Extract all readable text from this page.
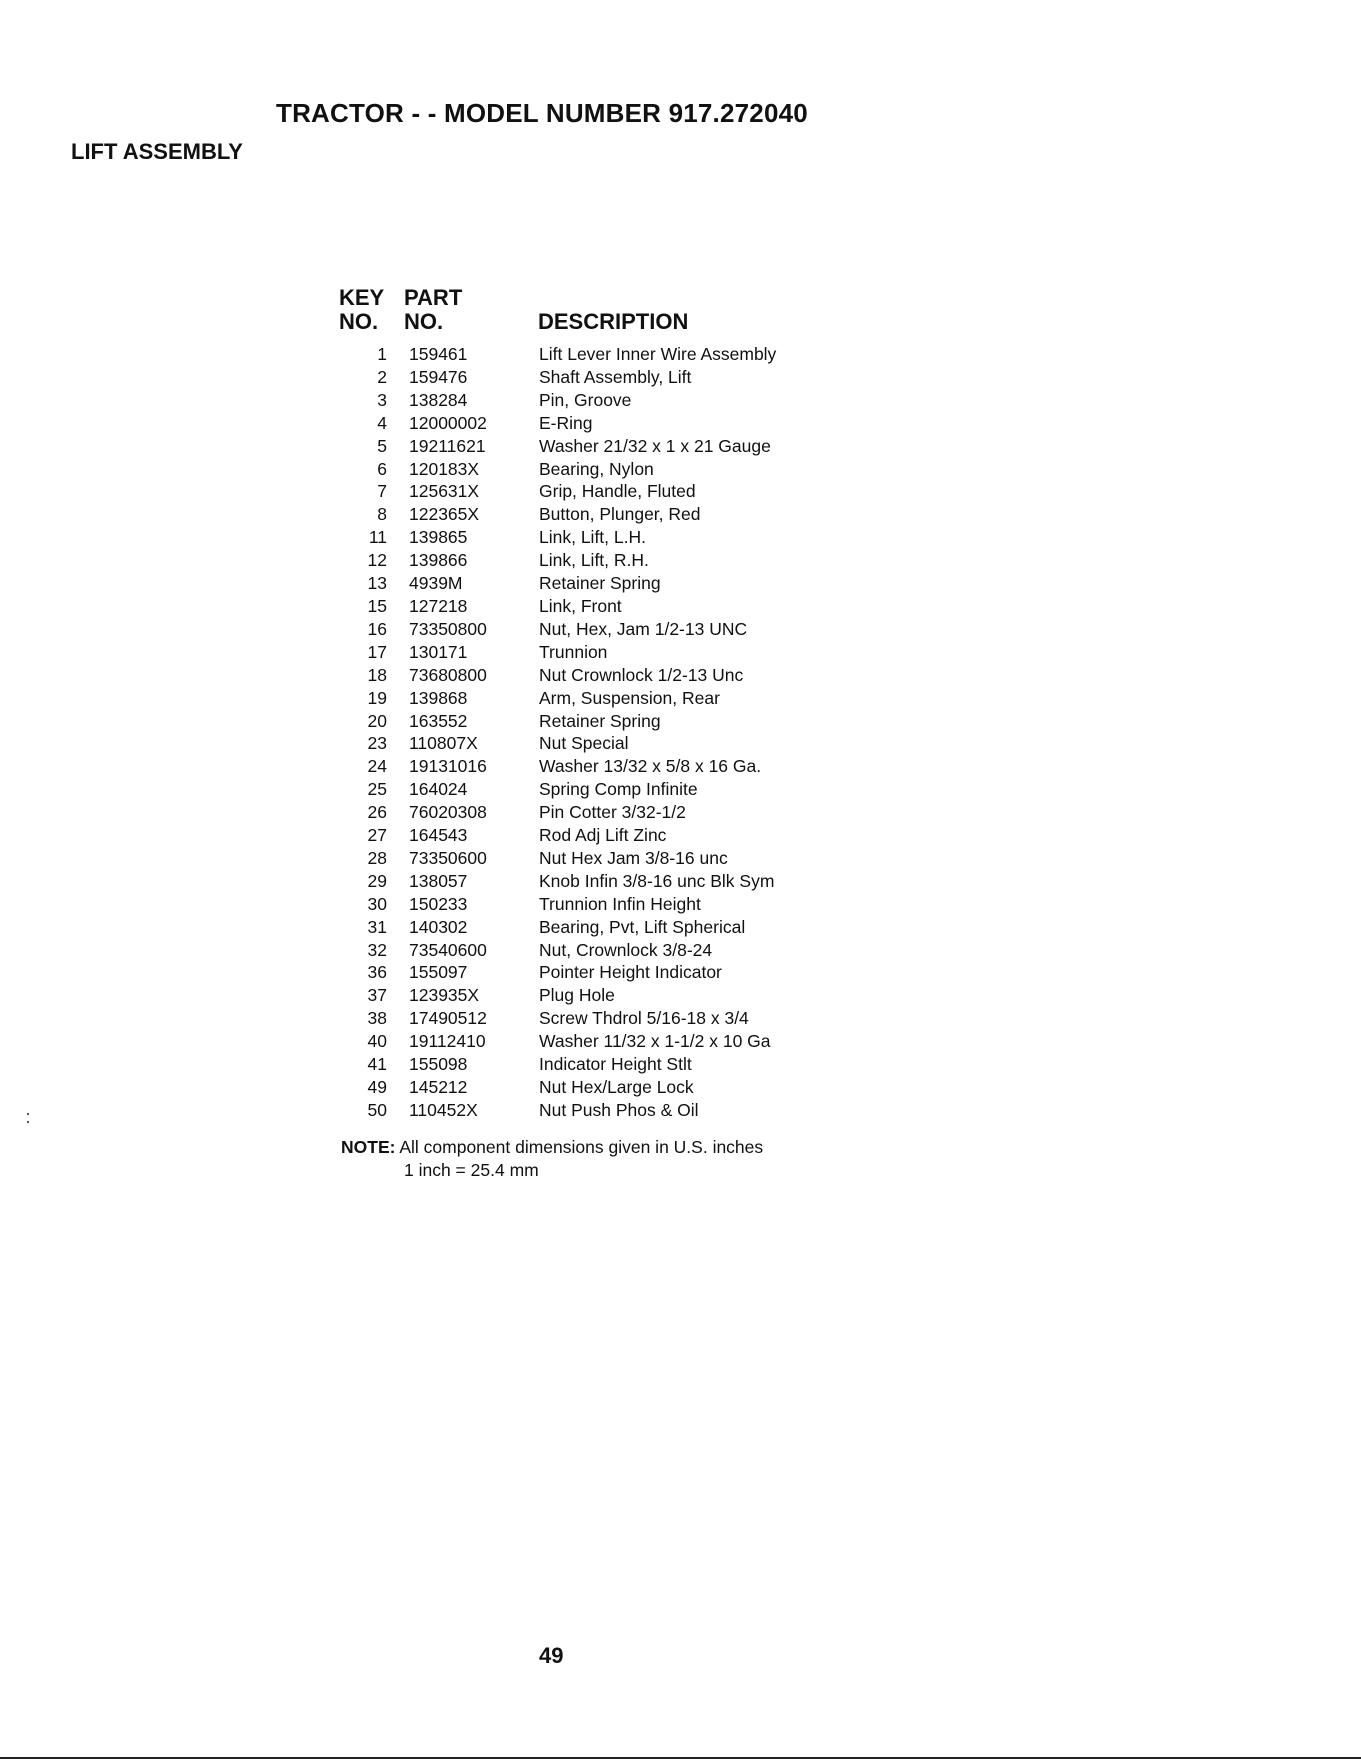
TRACTOR - - MODEL NUMBER 917.272040
LIFT ASSEMBLY
KEY
NO.
PART
NO.	DESCRIPTION
1 159461	Lift Lever Inner Wire Assembly
2 159476	Shaft Assembly, Lift
3 138284	Pin, Groove
4 12000002	E-Ring
5 19211621	Washer 21/32 x 1 x 21 Gauge
6 120183X	Bearing, Nylon
7 125631X	Grip, Handle, Fluted
8 122365X	Button, Plunger, Red
11 139865	Link, Lift, L.H.
12 139866	Link, Lift, R.H.
13 4939M	Retainer Spring
15 127218	Link, Front
16 73350800	Nut, Hex, Jam 1/2-13 UNC
17 130171	Trunnion
18 73680800	Nut Crownlock 1/2-13 Unc
19 139868	Arm, Suspension, Rear
20 163552	Retainer Spring
23 110807X	Nut Special
24 19131016	Washer 13/32 x 5/8 x 16 Ga.
25 164024	Spring Comp Infinite
26 76020308	Pin Cotter 3/32-1/2
27 164543	Rod Adj Lift Zinc
28 73350600	Nut Hex Jam 3/8-16 unc
29 138057	Knob Infin 3/8-16 unc Blk Sym
30 150233	Trunnion Infin Height
31 140302	Bearing, Pvt, Lift Spherical
32 73540600	Nut, Crownlock 3/8-24
36 155097	Pointer Height Indicator
37 123935X	Plug Hole
38 17490512	Screw Thdrol 5/16-18 x 3/4
40 19112410	Washer 11/32 x 1-1/2 x 10 Ga
41 155098	Indicator Height Stlt
49 145212	Nut Hex/Large Lock
50 110452X	Nut Push Phos & Oil
NOTE: All component dimensions given in U.S. inches
1 inch = 25.4 mm
49
